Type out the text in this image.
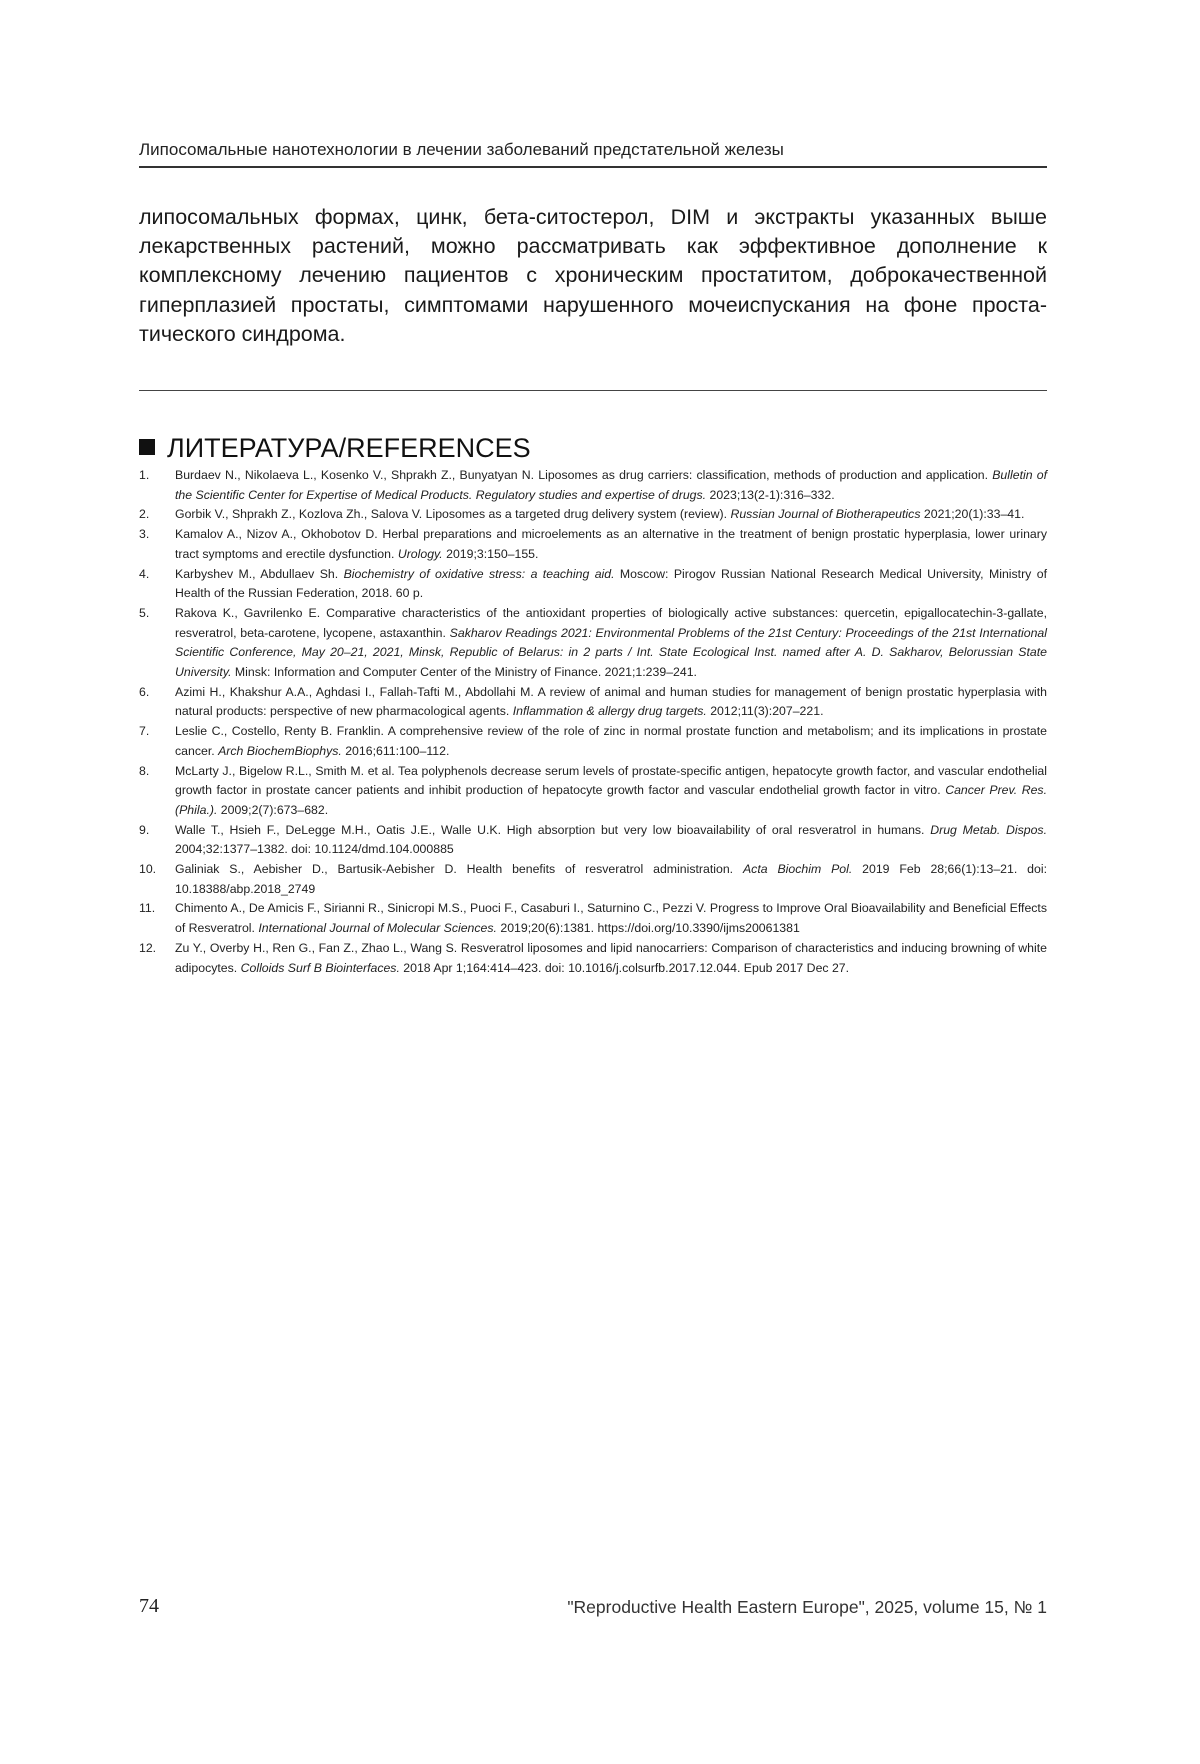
Липосомальные нанотехнологии в лечении заболеваний предстательной железы

липосомальных формах, цинк, бета-ситостерол, DIM и экстракты указанных выше лекарственных растений, можно рассматривать как эффективное дополнение к комплексному лечению пациентов с хроническим простатитом, доброкачественной гиперплазией простаты, симптомами нарушенного мочеиспускания на фоне проста-тического синдрома.

ЛИТЕРАТУРА/REFERENCES
1.	Burdaev N., Nikolaeva L., Kosenko V., Shprakh Z., Bunyatyan N. Liposomes as drug carriers: classification, methods of production and application. Bulletin of the Scientific Center for Expertise of Medical Products. Regulatory studies and expertise of drugs. 2023;13(2-1):316–332.
2.	Gorbik V., Shprakh Z., Kozlova Zh., Salova V. Liposomes as a targeted drug delivery system (review). Russian Journal of Biotherapeutics 2021;20(1):33–41.
3.	Kamalov A., Nizov A., Okhobotov D. Herbal preparations and microelements as an alternative in the treatment of benign prostatic hyperplasia, lower urinary tract symptoms and erectile dysfunction. Urology. 2019;3:150–155.
4.	Karbyshev M., Abdullaev Sh. Biochemistry of oxidative stress: a teaching aid. Moscow: Pirogov Russian National Research Medical University, Ministry of Health of the Russian Federation, 2018. 60 p.
5.	Rakova K., Gavrilenko E. Comparative characteristics of the antioxidant properties of biologically active substances: quercetin, epigallocatechin-3-gallate, resveratrol, beta-carotene, lycopene, astaxanthin. Sakharov Readings 2021: Environmental Problems of the 21st Century: Proceedings of the 21st International Scientific Conference, May 20–21, 2021, Minsk, Republic of Belarus: in 2 parts / Int. State Ecological Inst. named after A. D. Sakharov, Belorussian State University. Minsk: Information and Computer Center of the Ministry of Finance. 2021;1:239–241.
6.	Azimi H., Khakshur A.A., Aghdasi I., Fallah-Tafti M., Abdollahi M. A review of animal and human studies for management of benign prostatic hyperplasia with natural products: perspective of new pharmacological agents. Inflammation & allergy drug targets. 2012;11(3):207–221.
7.	Leslie C., Costello, Renty B. Franklin. A comprehensive review of the role of zinc in normal prostate function and metabolism; and its implications in prostate cancer. Arch BiochemBiophys. 2016;611:100–112.
8.	McLarty J., Bigelow R.L., Smith M. et al. Tea polyphenols decrease serum levels of prostate-specific antigen, hepatocyte growth factor, and vascular endothelial growth factor in prostate cancer patients and inhibit production of hepatocyte growth factor and vascular endothelial growth factor in vitro. Cancer Prev. Res. (Phila.). 2009;2(7):673–682.
9.	Walle T., Hsieh F., DeLegge M.H., Oatis J.E., Walle U.K. High absorption but very low bioavailability of oral resveratrol in humans. Drug Metab. Dispos. 2004;32:1377–1382. doi: 10.1124/dmd.104.000885
10.	Galiniak S., Aebisher D., Bartusik-Aebisher D. Health benefits of resveratrol administration. Acta Biochim Pol. 2019 Feb 28;66(1):13–21. doi: 10.18388/abp.2018_2749
11.	Chimento A., De Amicis F., Sirianni R., Sinicropi M.S., Puoci F., Casaburi I., Saturnino C., Pezzi V. Progress to Improve Oral Bioavailability and Beneficial Effects of Resveratrol. International Journal of Molecular Sciences. 2019;20(6):1381. https://doi.org/10.3390/ijms20061381
12.	Zu Y., Overby H., Ren G., Fan Z., Zhao L., Wang S. Resveratrol liposomes and lipid nanocarriers: Comparison of characteristics and inducing browning of white adipocytes. Colloids Surf B Biointerfaces. 2018 Apr 1;164:414–423. doi: 10.1016/j.colsurfb.2017.12.044. Epub 2017 Dec 27.
74	"Reproductive Health Eastern Europe", 2025, volume 15, № 1
